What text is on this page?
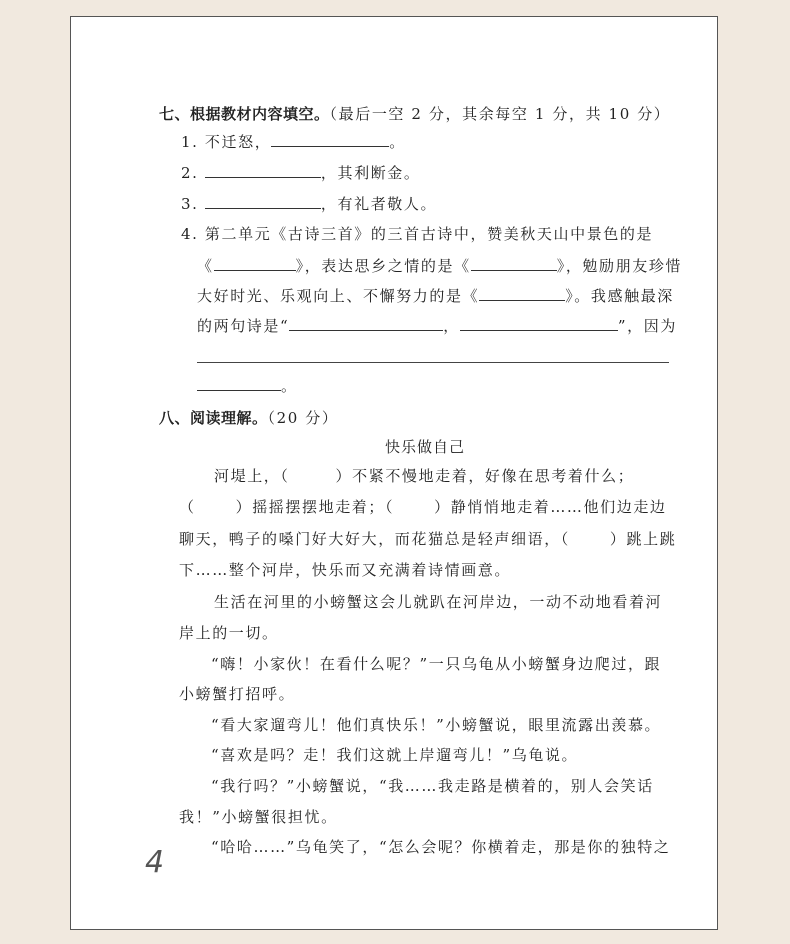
七、根据教材内容填空。（最后一空 2 分，其余每空 1 分，共 10 分）
1. 不迁怒，	。
2.	，其利断金。
3.	，有礼者敬人。
4. 第二单元《古诗三首》的三首古诗中，赞美秋天山中景色的是
《	》，表达思乡之情的是《	》，勉励朋友珍惜
大好时光、乐观向上、不懈努力的是《	》。我感触最深
的两句诗是“	，	”，因为
。
八、阅读理解。（20 分）
快乐做自己
河堤上，（	）不紧不慢地走着，好像在思考着什么；
（	）摇摇摆摆地走着；（	）静悄悄地走着……他们边走边
聊天，鸭子的嗓门好大好大，而花猫总是轻声细语，（	）跳上跳
下……整个河岸，快乐而又充满着诗情画意。
生活在河里的小螃蟹这会儿就趴在河岸边，一动不动地看着河
岸上的一切。
“嗨！小家伙！在看什么呢？”一只乌龟从小螃蟹身边爬过，跟
小螃蟹打招呼。
“看大家遛弯儿！他们真快乐！”小螃蟹说，眼里流露出羡慕。
“喜欢是吗？走！我们这就上岸遛弯儿！”乌龟说。
“我行吗？”小螃蟹说，“我……我走路是横着的，别人会笑话
我！”小螃蟹很担忧。
“哈哈……”乌龟笑了，“怎么会呢？你横着走，那是你的独特之
4
